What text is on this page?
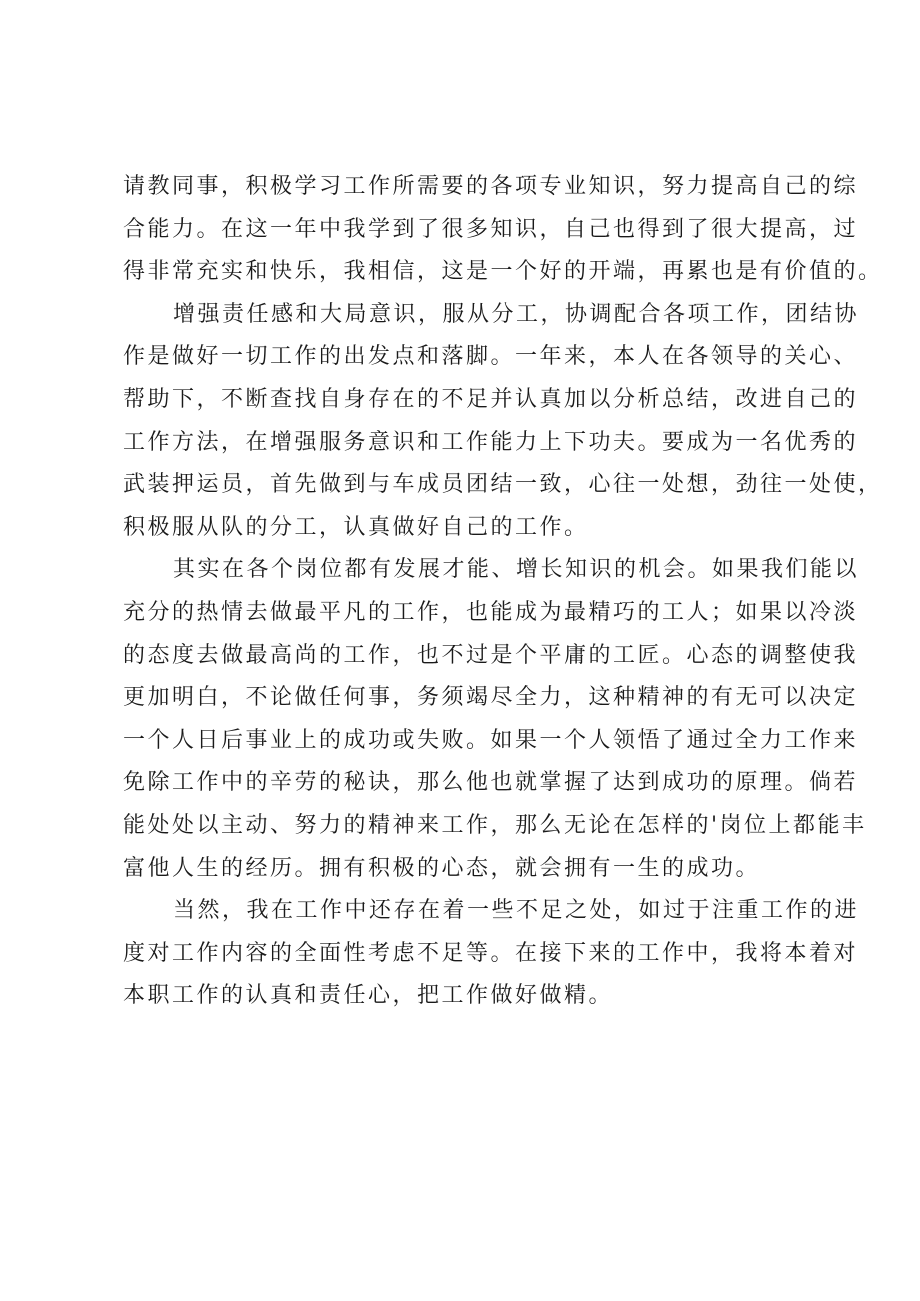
请教同事，积极学习工作所需要的各项专业知识，努力提高自己的综
合能力。在这一年中我学到了很多知识，自己也得到了很大提高，过
得非常充实和快乐，我相信，这是一个好的开端，再累也是有价值的。

增强责任感和大局意识，服从分工，协调配合各项工作，团结协
作是做好一切工作的出发点和落脚。一年来，本人在各领导的关心、
帮助下，不断查找自身存在的不足并认真加以分析总结，改进自己的
工作方法，在增强服务意识和工作能力上下功夫。要成为一名优秀的
武装押运员，首先做到与车成员团结一致，心往一处想，劲往一处使，
积极服从队的分工，认真做好自己的工作。

其实在各个岗位都有发展才能、增长知识的机会。如果我们能以
充分的热情去做最平凡的工作，也能成为最精巧的工人；如果以冷淡
的态度去做最高尚的工作，也不过是个平庸的工匠。心态的调整使我
更加明白，不论做任何事，务须竭尽全力，这种精神的有无可以决定
一个人日后事业上的成功或失败。如果一个人领悟了通过全力工作来
免除工作中的辛劳的秘诀，那么他也就掌握了达到成功的原理。倘若
能处处以主动、努力的精神来工作，那么无论在怎样的'岗位上都能丰
富他人生的经历。拥有积极的心态，就会拥有一生的成功。

当然，我在工作中还存在着一些不足之处，如过于注重工作的进
度对工作内容的全面性考虑不足等。在接下来的工作中，我将本着对
本职工作的认真和责任心，把工作做好做精。
